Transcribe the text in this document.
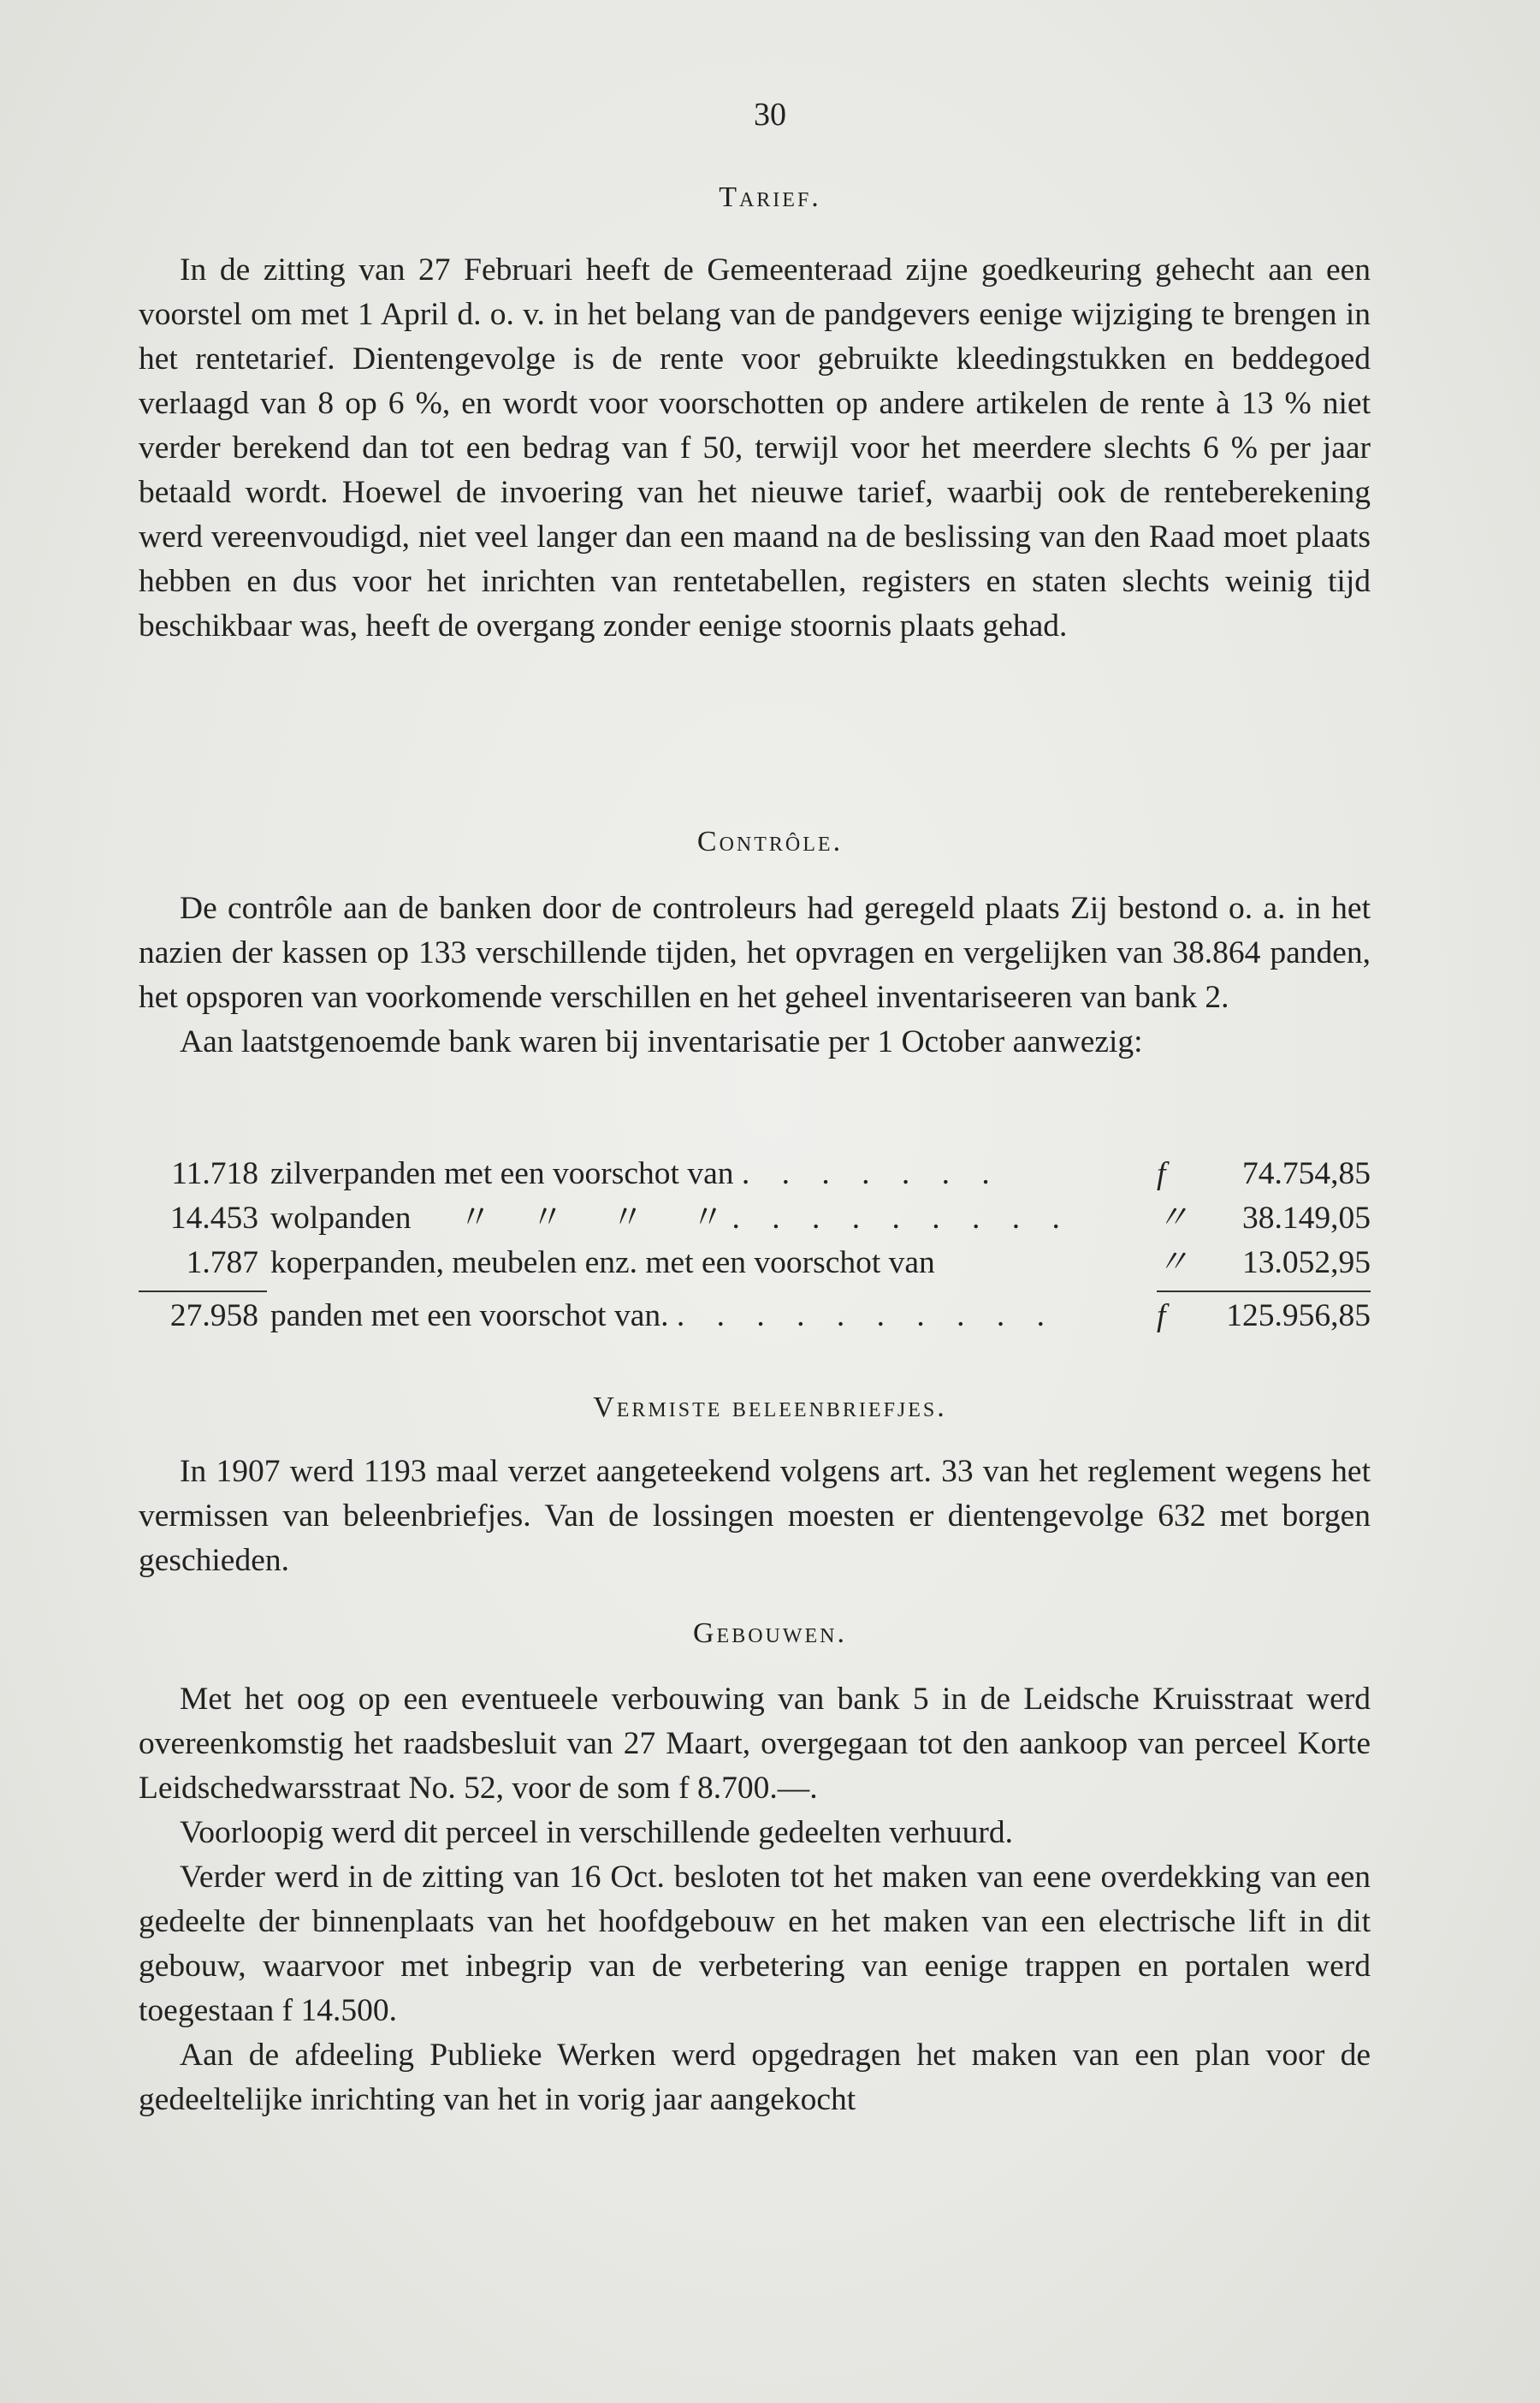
30
Tarief.

In de zitting van 27 Februari heeft de Gemeenteraad zijne goedkeuring gehecht aan een voorstel om met 1 April d. o. v. in het belang van de pandgevers eenige wijziging te brengen in het rentetarief. Dientengevolge is de rente voor gebruikte kleedingstukken en beddegoed verlaagd van 8 op 6 %, en wordt voor voorschotten op andere artikelen de rente à 13 % niet verder berekend dan tot een bedrag van f 50, terwijl voor het meerdere slechts 6 % per jaar betaald wordt. Hoewel de invoering van het nieuwe tarief, waarbij ook de renteberekening werd vereenvoudigd, niet veel langer dan een maand na de beslissing van den Raad moet plaats hebben en dus voor het inrichten van rentetabellen, registers en staten slechts weinig tijd beschikbaar was, heeft de overgang zonder eenige stoornis plaats gehad.

Contrôle.

De contrôle aan de banken door de controleurs had geregeld plaats Zij bestond o. a. in het nazien der kassen op 133 verschillende tijden, het opvragen en vergelijken van 38.864 panden, het opsporen van voorkomende verschillen en het geheel inventariseeren van bank 2.

Aan laatstgenoemde bank waren bij inventarisatie per 1 October aanwezig:

11.718 zilverpanden met een voorschot van . . . . . . .	f	74.754,85
14.453 wolpanden      〃     〃      〃      〃 . . . . . . . . .	〃	38.149,05
1.787 koperpanden, meubelen enz. met een voorschot van	〃	13.052,95
27.958 panden met een voorschot van. . . . . . . . . . .	f	125.956,85
Vermiste beleenbriefjes.

In 1907 werd 1193 maal verzet aangeteekend volgens art. 33 van het reglement wegens het vermissen van beleenbriefjes. Van de lossingen moesten er dientengevolge 632 met borgen geschieden.

Gebouwen.

Met het oog op een eventueele verbouwing van bank 5 in de Leidsche Kruisstraat werd overeenkomstig het raadsbesluit van 27 Maart, overgegaan tot den aankoop van perceel Korte Leidschedwarsstraat No. 52, voor de som f 8.700.—.

Voorloopig werd dit perceel in verschillende gedeelten verhuurd.

Verder werd in de zitting van 16 Oct. besloten tot het maken van eene overdekking van een gedeelte der binnenplaats van het hoofdgebouw en het maken van een electrische lift in dit gebouw, waarvoor met inbegrip van de verbetering van eenige trappen en portalen werd toegestaan f 14.500.

Aan de afdeeling Publieke Werken werd opgedragen het maken van een plan voor de gedeeltelijke inrichting van het in vorig jaar aangekocht
